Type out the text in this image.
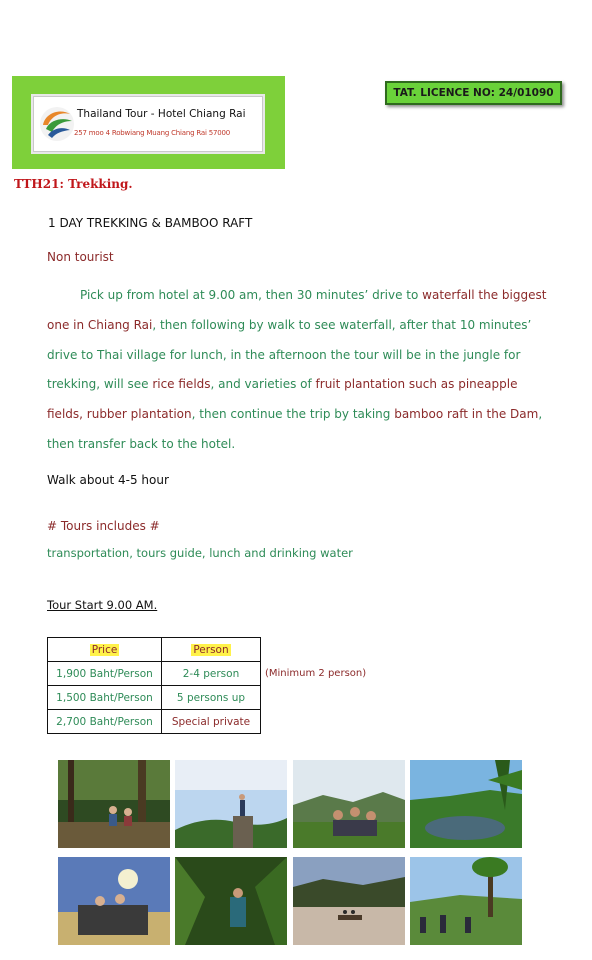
Thailand Tour - Hotel Chiang Rai
257 moo 4 Robwiang Muang Chiang Rai 57000
TAT. LICENCE NO: 24/01090
TTH21: Trekking.
1 DAY TREKKING & BAMBOO RAFT
Non tourist
Pick up from hotel at 9.00 am, then 30 minutes’ drive to waterfall the biggest one in Chiang Rai, then following by walk to see waterfall, after that 10 minutes’ drive to Thai village for lunch, in the afternoon the tour will be in the jungle for trekking, will see rice fields, and varieties of fruit plantation such as pineapple fields, rubber plantation, then continue the trip by taking bamboo raft in the Dam, then transfer back to the hotel.
Walk about 4-5 hour
# Tours includes #
transportation, tours guide, lunch and drinking water
Tour Start 9.00 AM.
Price	Person
1,900 Baht/Person	2-4 person
1,500 Baht/Person	5 persons up
2,700 Baht/Person	Special private
(Minimum 2 person)
